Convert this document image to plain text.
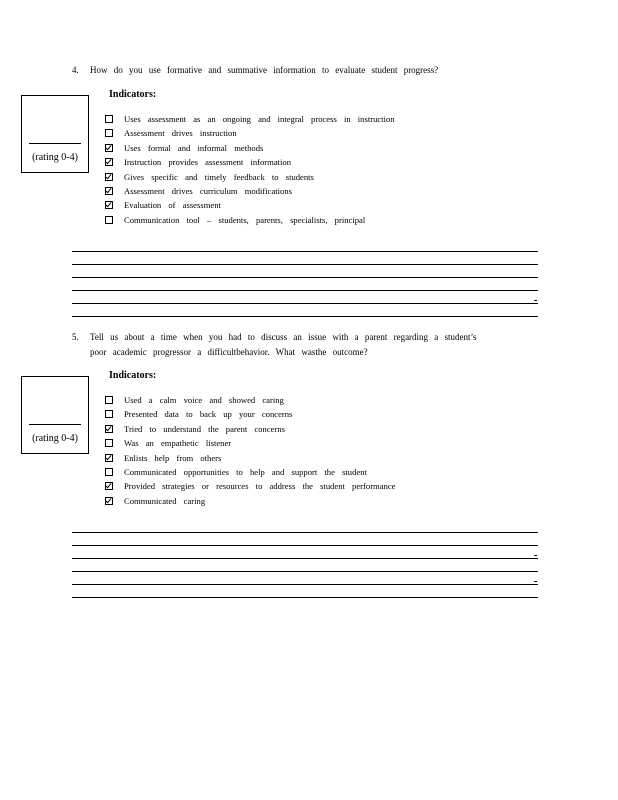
4. How do you use formative and summative information to evaluate student progress?
(rating 0-4)
Indicators:
Uses assessment as an ongoing and integral process in instruction
Assessment drives instruction
Uses formal and informal methods
Instruction provides assessment information
Gives specific and timely feedback to students
Assessment drives curriculum modifications
Evaluation of assessment
Communication tool – students, parents, specialists, principal
5. Tell us about a time when you had to discuss an issue with a parent regarding a student’s
poor academic progressor a difficultbehavior. What wasthe outcome?
(rating 0-4)
Indicators:
Used a calm voice and showed caring
Presented data to back up your concerns
Tried to understand the parent concerns
Was an empathetic listener
Enlists help from others
Communicated opportunities to help and support the student
Provided strategies or resources to address the student performance
Communicated caring
